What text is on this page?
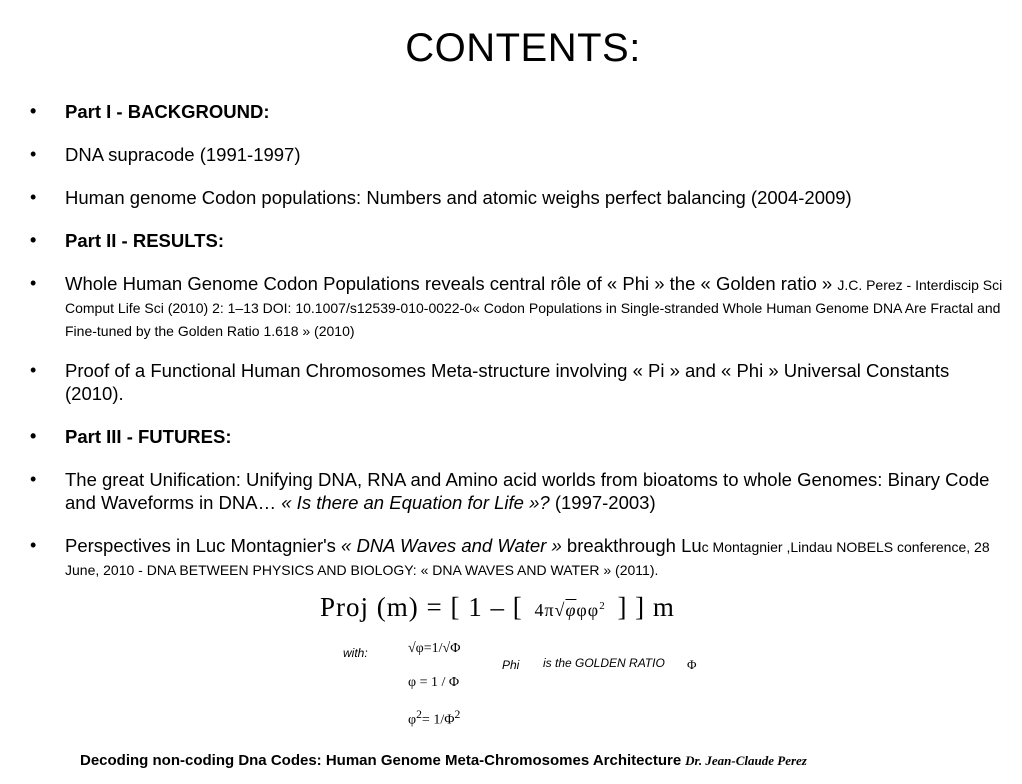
CONTENTS:
• Part I - BACKGROUND:
• DNA supracode (1991-1997)
• Human genome Codon populations: Numbers and atomic weighs perfect balancing (2004-2009)
• Part II - RESULTS:
• Whole Human Genome Codon Populations reveals central rôle of « Phi » the « Golden ratio » J.C. Perez - Interdiscip Sci Comput Life Sci (2010) 2: 1–13 DOI: 10.1007/s12539-010-0022-0« Codon Populations in Single-stranded Whole Human Genome DNA Are Fractal and Fine-tuned by the Golden Ratio 1.618 » (2010)
• Proof of a Functional Human Chromosomes Meta-structure involving « Pi » and « Phi » Universal Constants (2010).
• Part III - FUTURES:
• The great Unification: Unifying DNA, RNA and Amino acid worlds from bioatoms to whole Genomes: Binary Code and Waveforms in DNA… « Is there an Equation for Life »? (1997-2003)
• Perspectives in Luc Montagnier's « DNA Waves and Water » breakthrough Luc Montagnier ,Lindau NOBELS conference, 28 June, 2010 - DNA BETWEEN PHYSICS AND BIOLOGY: « DNA WAVES AND WATER » (2011).
Proj (m) = [ 1 – [ 4π√φφφ$^2$ ] ] m
with:	√φ=1/√Φ
φ = 1 / Φ
$\varphi^2= 1/\Phi^2$
Phi is the GOLDEN RATIO Φ
Decoding non-coding Dna Codes: Human Genome Meta-Chromosomes Architecture Dr. Jean-Claude Perez
